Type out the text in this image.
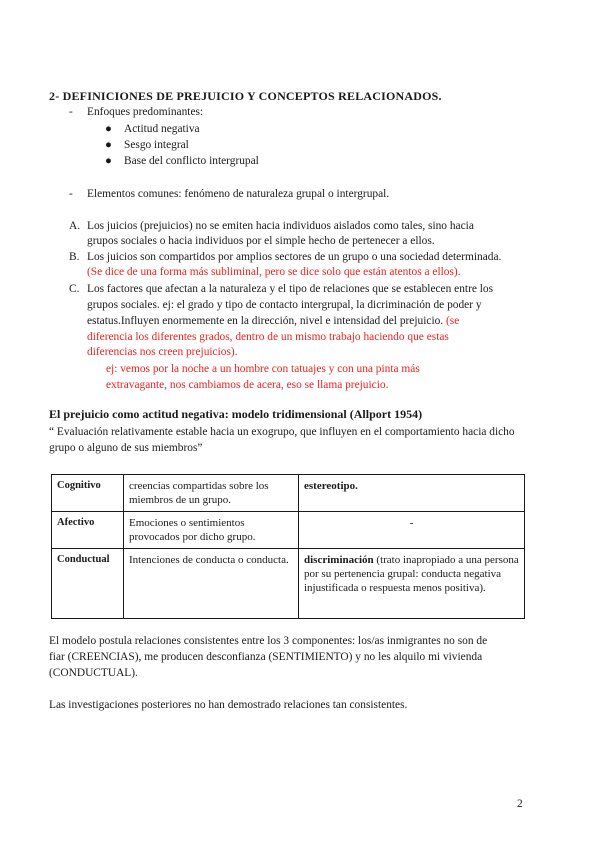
2- DEFINICIONES DE PREJUICIO Y CONCEPTOS RELACIONADOS.
- Enfoques predominantes:
● Actitud negativa
● Sesgo integral
● Base del conflicto intergrupal
- Elementos comunes: fenómeno de naturaleza grupal o intergrupal.
A. Los juicios (prejuicios) no se emiten hacia individuos aislados como tales, sino hacia
grupos sociales o hacia individuos por el simple hecho de pertenecer a ellos.
B. Los juicios son compartidos por amplios sectores de un grupo o una sociedad determinada.
(Se dice de una forma más subliminal, pero se dice solo que están atentos a ellos).
C. Los factores que afectan a la naturaleza y el tipo de relaciones que se establecen entre los
grupos sociales. ej: el grado y tipo de contacto intergrupal, la dicriminación de poder y
estatus.Influyen enormemente en la dirección, nivel e intensidad del prejuicio. (se
diferencia los diferentes grados, dentro de un mismo trabajo haciendo que estas
diferencias nos creen prejuicios).
ej: vemos por la noche a un hombre con tatuajes y con una pinta más
extravagante, nos cambiamos de acera, eso se llama prejuicio.
El prejuicio como actitud negativa: modelo tridimensional (Allport 1954)
“ Evaluación relativamente estable hacia un exogrupo, que influyen en el comportamiento hacia dicho
grupo o alguno de sus miembros”
Cognitivo	creencias compartidas sobre los miembros de un grupo.	estereotipo.
Afectivo	Emociones o sentimientos provocados por dicho grupo.	-
Conductual	Intenciones de conducta o conducta.	discriminación (trato inapropiado a una persona por su pertenencia grupal: conducta negativa injustificada o respuesta menos positiva).
El modelo postula relaciones consistentes entre los 3 componentes: los/as inmigrantes no son de
fiar (CREENCIAS), me producen desconfianza (SENTIMIENTO) y no les alquilo mi vivienda
(CONDUCTUAL).
Las investigaciones posteriores no han demostrado relaciones tan consistentes.
2
